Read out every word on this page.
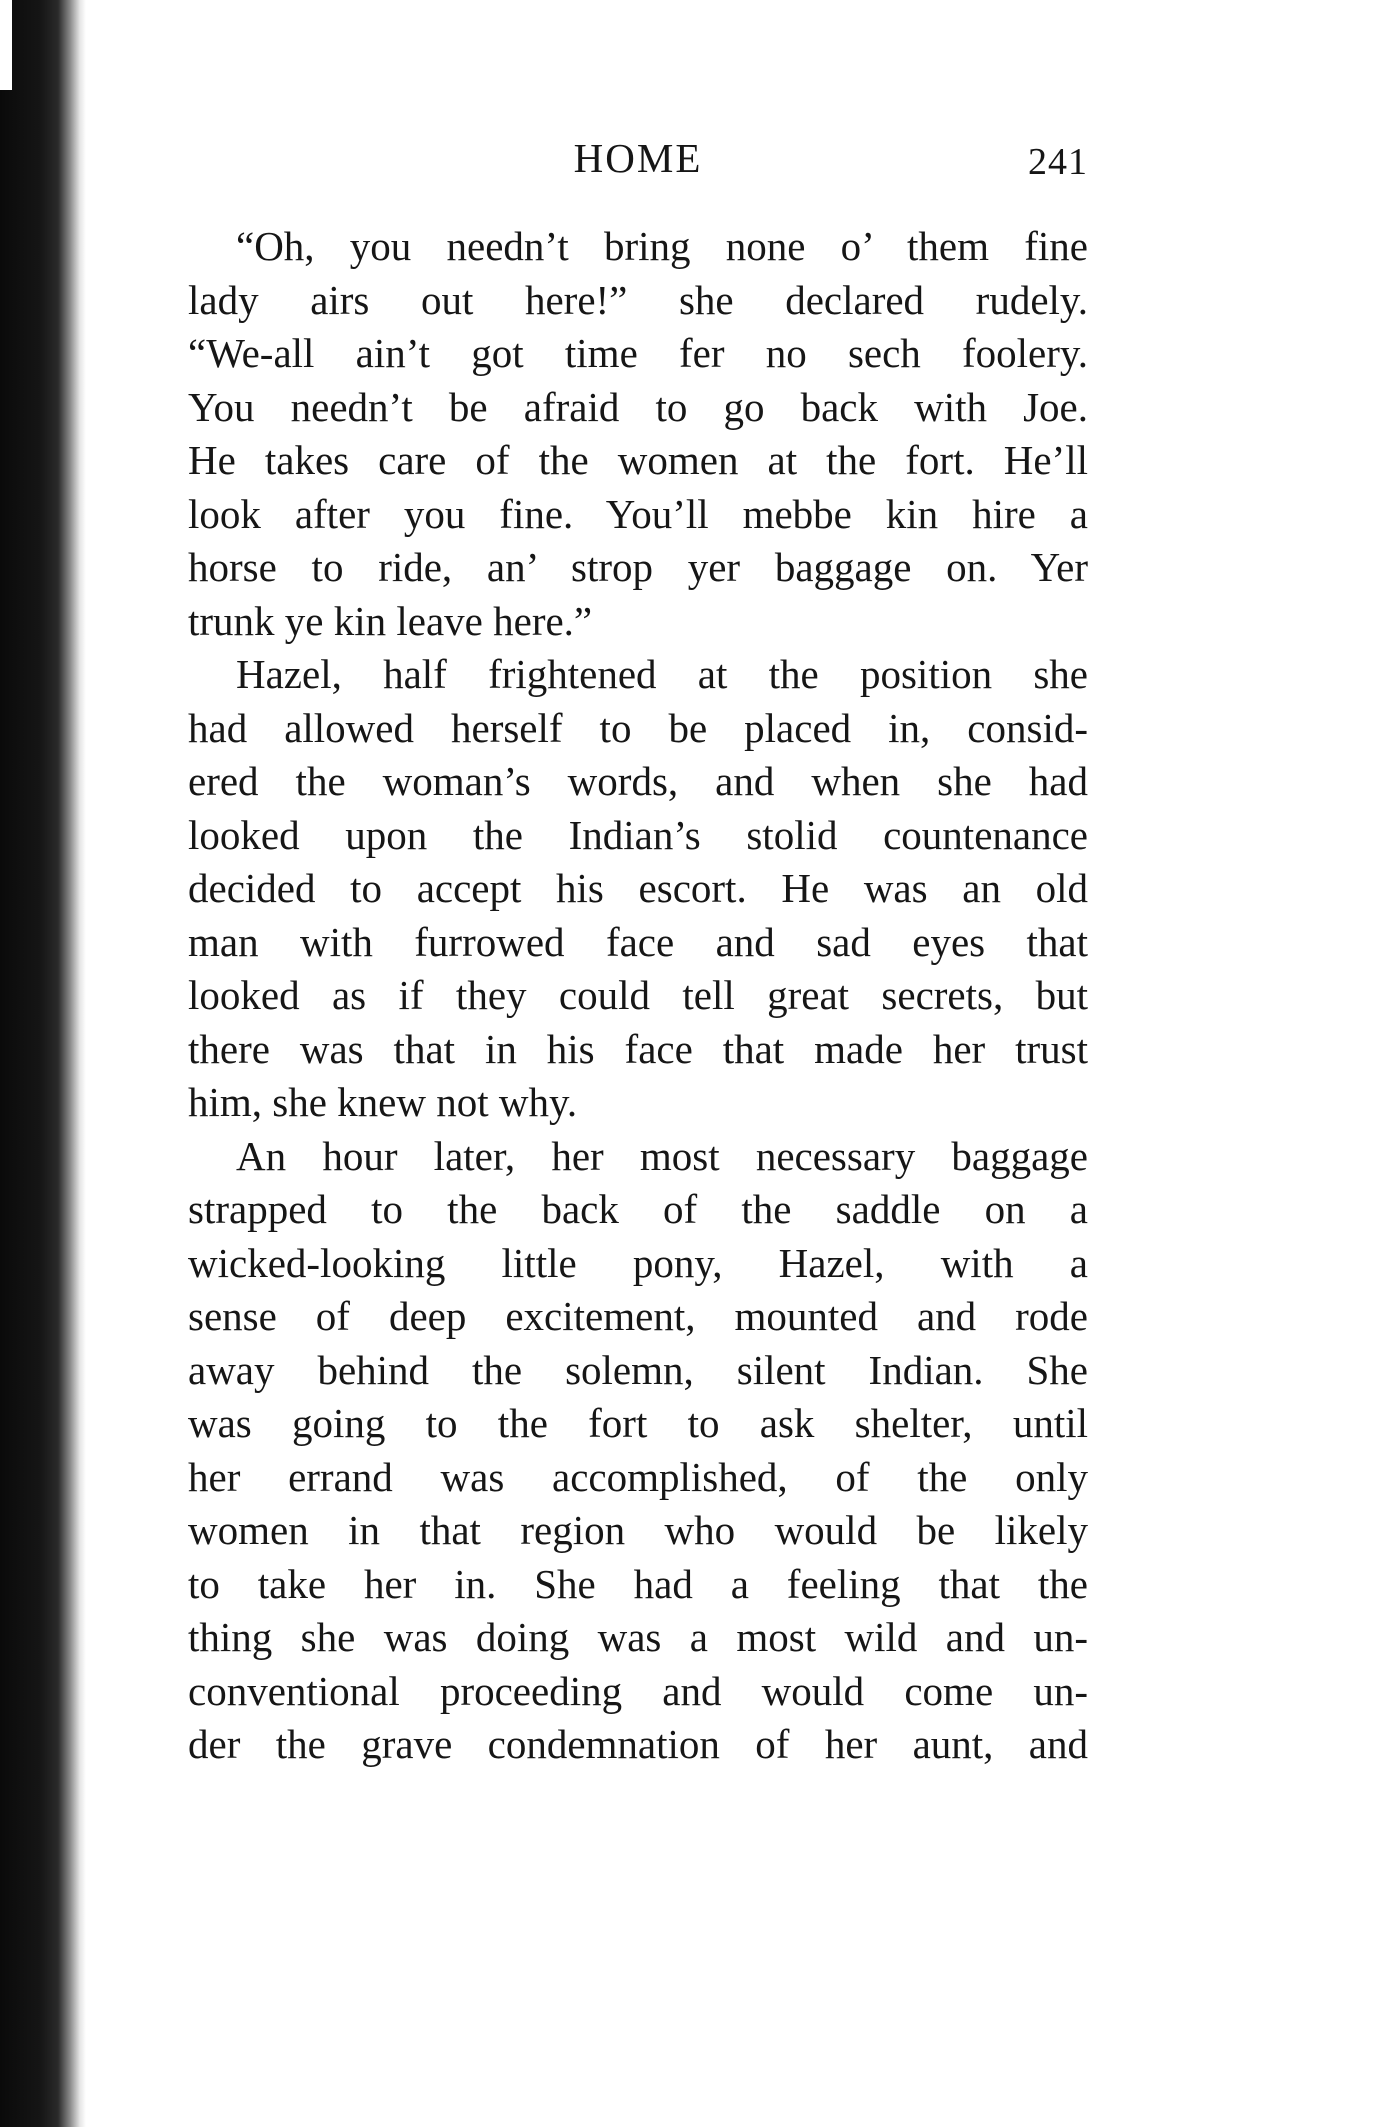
HOME	241
“Oh, you needn’t bring none o’ them fine
lady airs out here!” she declared rudely.
“We-all ain’t got time fer no sech foolery.
You needn’t be afraid to go back with Joe.
He takes care of the women at the fort. He’ll
look after you fine. You’ll mebbe kin hire a
horse to ride, an’ strop yer baggage on. Yer
trunk ye kin leave here.”
Hazel, half frightened at the position she
had allowed herself to be placed in, consid-
ered the woman’s words, and when she had
looked upon the Indian’s stolid countenance
decided to accept his escort. He was an old
man with furrowed face and sad eyes that
looked as if they could tell great secrets, but
there was that in his face that made her trust
him, she knew not why.
An hour later, her most necessary baggage
strapped to the back of the saddle on a
wicked-looking little pony, Hazel, with a
sense of deep excitement, mounted and rode
away behind the solemn, silent Indian. She
was going to the fort to ask shelter, until
her errand was accomplished, of the only
women in that region who would be likely
to take her in. She had a feeling that the
thing she was doing was a most wild and un-
conventional proceeding and would come un-
der the grave condemnation of her aunt, and
